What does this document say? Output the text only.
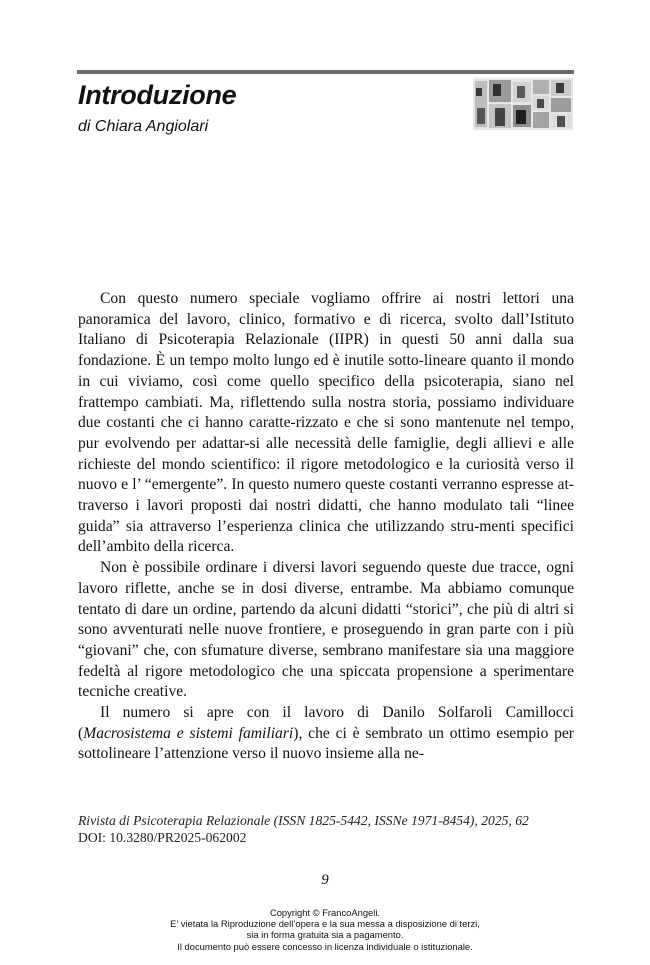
Introduzione
di Chiara Angiolari

Con questo numero speciale vogliamo offrire ai nostri lettori una panoramica del lavoro, clinico, formativo e di ricerca, svolto dall’Istituto Italiano di Psicoterapia Relazionale (IIPR) in questi 50 anni dalla sua fondazione. È un tempo molto lungo ed è inutile sotto-lineare quanto il mondo in cui viviamo, così come quello specifico della psicoterapia, siano nel frattempo cambiati. Ma, riflettendo sulla nostra storia, possiamo individuare due costanti che ci hanno caratte-rizzato e che si sono mantenute nel tempo, pur evolvendo per adattar-si alle necessità delle famiglie, degli allievi e alle richieste del mondo scientifico: il rigore metodologico e la curiosità verso il nuovo e l’ “emergente”. In questo numero queste costanti verranno espresse at-traverso i lavori proposti dai nostri didatti, che hanno modulato tali “linee guida” sia attraverso l’esperienza clinica che utilizzando stru-menti specifici dell’ambito della ricerca.

Non è possibile ordinare i diversi lavori seguendo queste due tracce, ogni lavoro riflette, anche se in dosi diverse, entrambe. Ma abbiamo comunque tentato di dare un ordine, partendo da alcuni didatti “storici”, che più di altri si sono avventurati nelle nuove frontiere, e proseguendo in gran parte con i più “giovani” che, con sfumature diverse, sembrano manifestare sia una maggiore fedeltà al rigore metodologico che una spiccata propensione a sperimentare tecniche creative.

Il numero si apre con il lavoro di Danilo Solfaroli Camillocci (Macrosistema e sistemi familiari), che ci è sembrato un ottimo esempio per sottolineare l’attenzione verso il nuovo insieme alla ne-

Rivista di Psicoterapia Relazionale (ISSN 1825-5442, ISSNe 1971-8454), 2025, 62
DOI: 10.3280/PR2025-062002
9
Copyright © FrancoAngeli.
E’ vietata la Riproduzione dell’opera e la sua messa a disposizione di terzi,
sia in forma gratuita sia a pagamento.
Il documento può essere concesso in licenza individuale o istituzionale.
